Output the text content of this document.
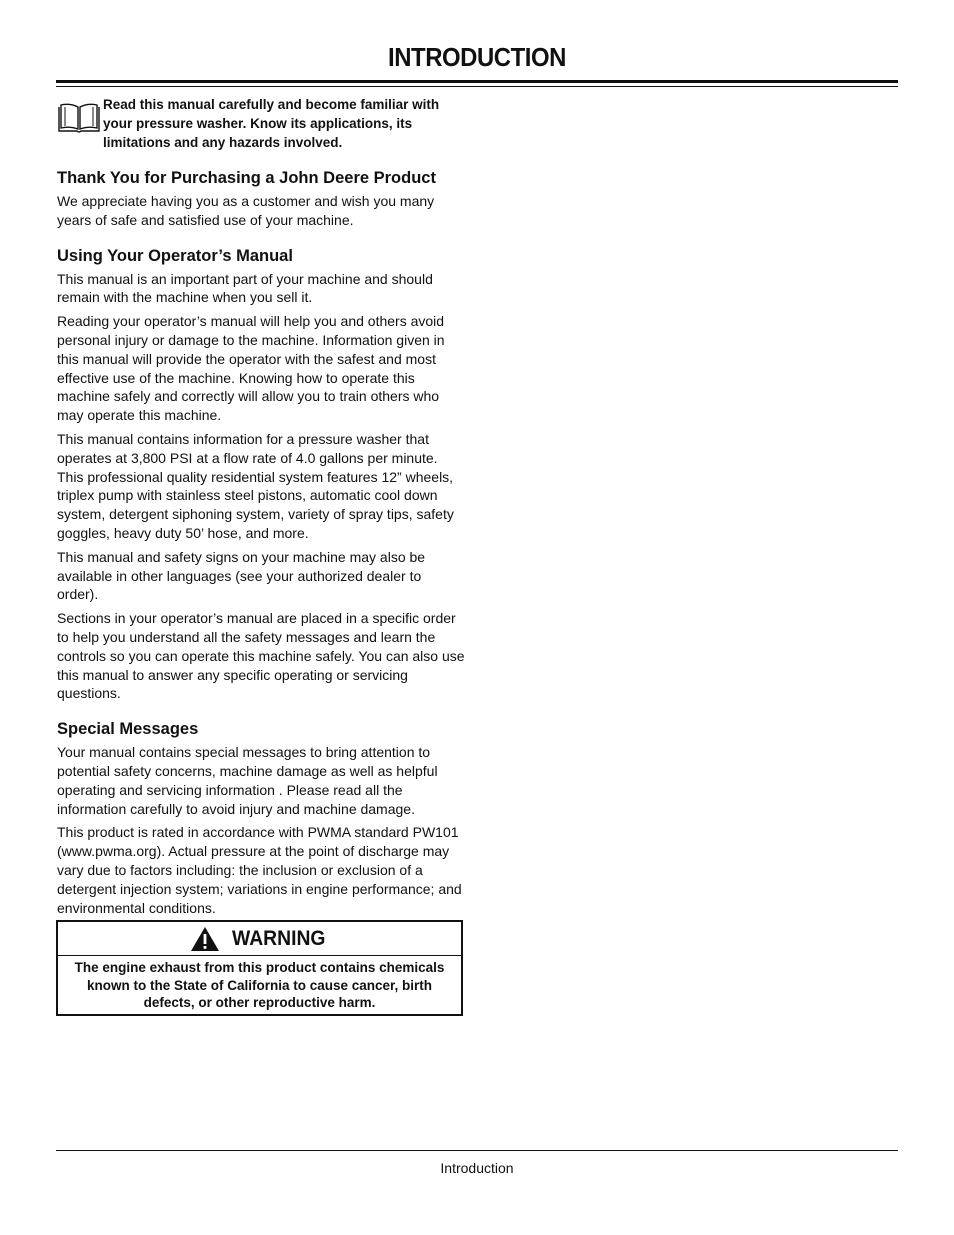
INTRODUCTION
Read this manual carefully and become familiar with your pressure washer. Know its applications, its limitations and any hazards involved.
Thank You for Purchasing a John Deere Product

We appreciate having you as a customer and wish you many years of safe and satisfied use of your machine.

Using Your Operator’s Manual

This manual is an important part of your machine and should remain with the machine when you sell it.

Reading your operator’s manual will help you and others avoid personal injury or damage to the machine. Information given in this manual will provide the operator with the safest and most effective use of the machine. Knowing how to operate this machine safely and correctly will allow you to train others who may operate this machine.

This manual contains information for a pressure washer that operates at 3,800 PSI at a flow rate of 4.0 gallons per minute. This professional quality residential system features 12” wheels, triplex pump with stainless steel pistons, automatic cool down system, detergent siphoning system, variety of spray tips, safety goggles, heavy duty 50’ hose, and more.

This manual and safety signs on your machine may also be available in other languages (see your authorized dealer to order).

Sections in your operator’s manual are placed in a specific order to help you understand all the safety messages and learn the controls so you can operate this machine safely. You can also use this manual to answer any specific operating or servicing questions.

Special Messages

Your manual contains special messages to bring attention to potential safety concerns, machine damage as well as helpful operating and servicing information . Please read all the information carefully to avoid injury and machine damage.

This product is rated in accordance with PWMA standard PW101 (www.pwma.org). Actual pressure at the point of discharge may vary due to factors including: the inclusion or exclusion of a detergent injection system; variations in engine performance; and environmental conditions.

WARNING
The engine exhaust from this product contains chemicals known to the State of California to cause cancer, birth defects, or other reproductive harm.
Introduction
